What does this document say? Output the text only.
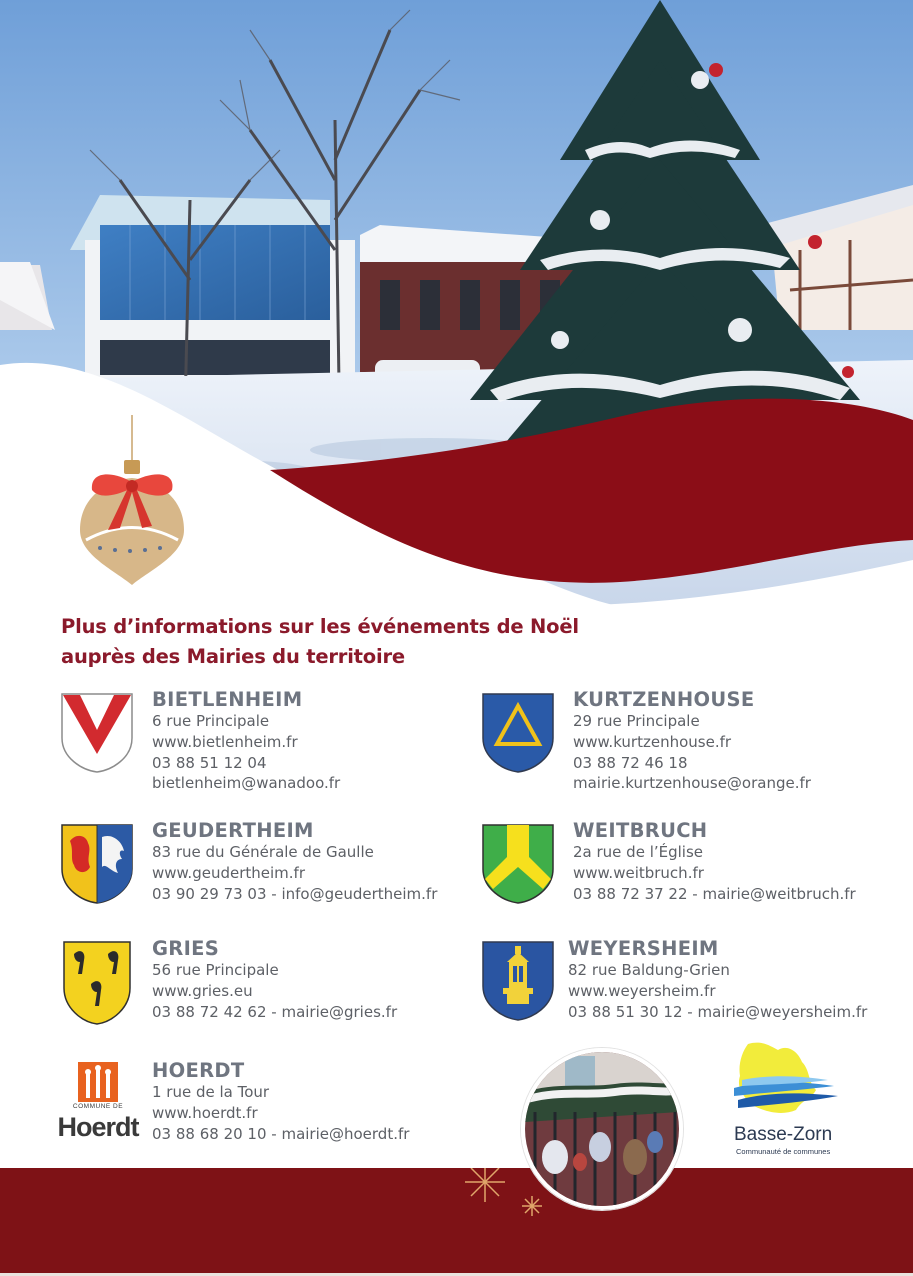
Plus d’informations sur les événements de Noël
auprès des Mairies du territoire
BIETLENHEIM
6 rue Principale
www.bietlenheim.fr
03 88 51 12 04
bietlenheim@wanadoo.fr
KURTZENHOUSE
29 rue Principale
www.kurtzenhouse.fr
03 88 72 46 18
mairie.kurtzenhouse@orange.fr
GEUDERTHEIM
83 rue du Générale de Gaulle
www.geudertheim.fr
03 90 29 73 03 - info@geudertheim.fr
WEITBRUCH
2a rue de l’Église
www.weitbruch.fr
03 88 72 37 22 - mairie@weitbruch.fr
GRIES
56 rue Principale
www.gries.eu
03 88 72 42 62 - mairie@gries.fr
WEYERSHEIM
82 rue Baldung-Grien
www.weyersheim.fr
03 88 51 30 12 - mairie@weyersheim.fr
HOERDT
1 rue de la Tour
www.hoerdt.fr
03 88 68 20 10 - mairie@hoerdt.fr
COMMUNE DE
Hoerdt	Basse-Zorn
Communauté de communes
